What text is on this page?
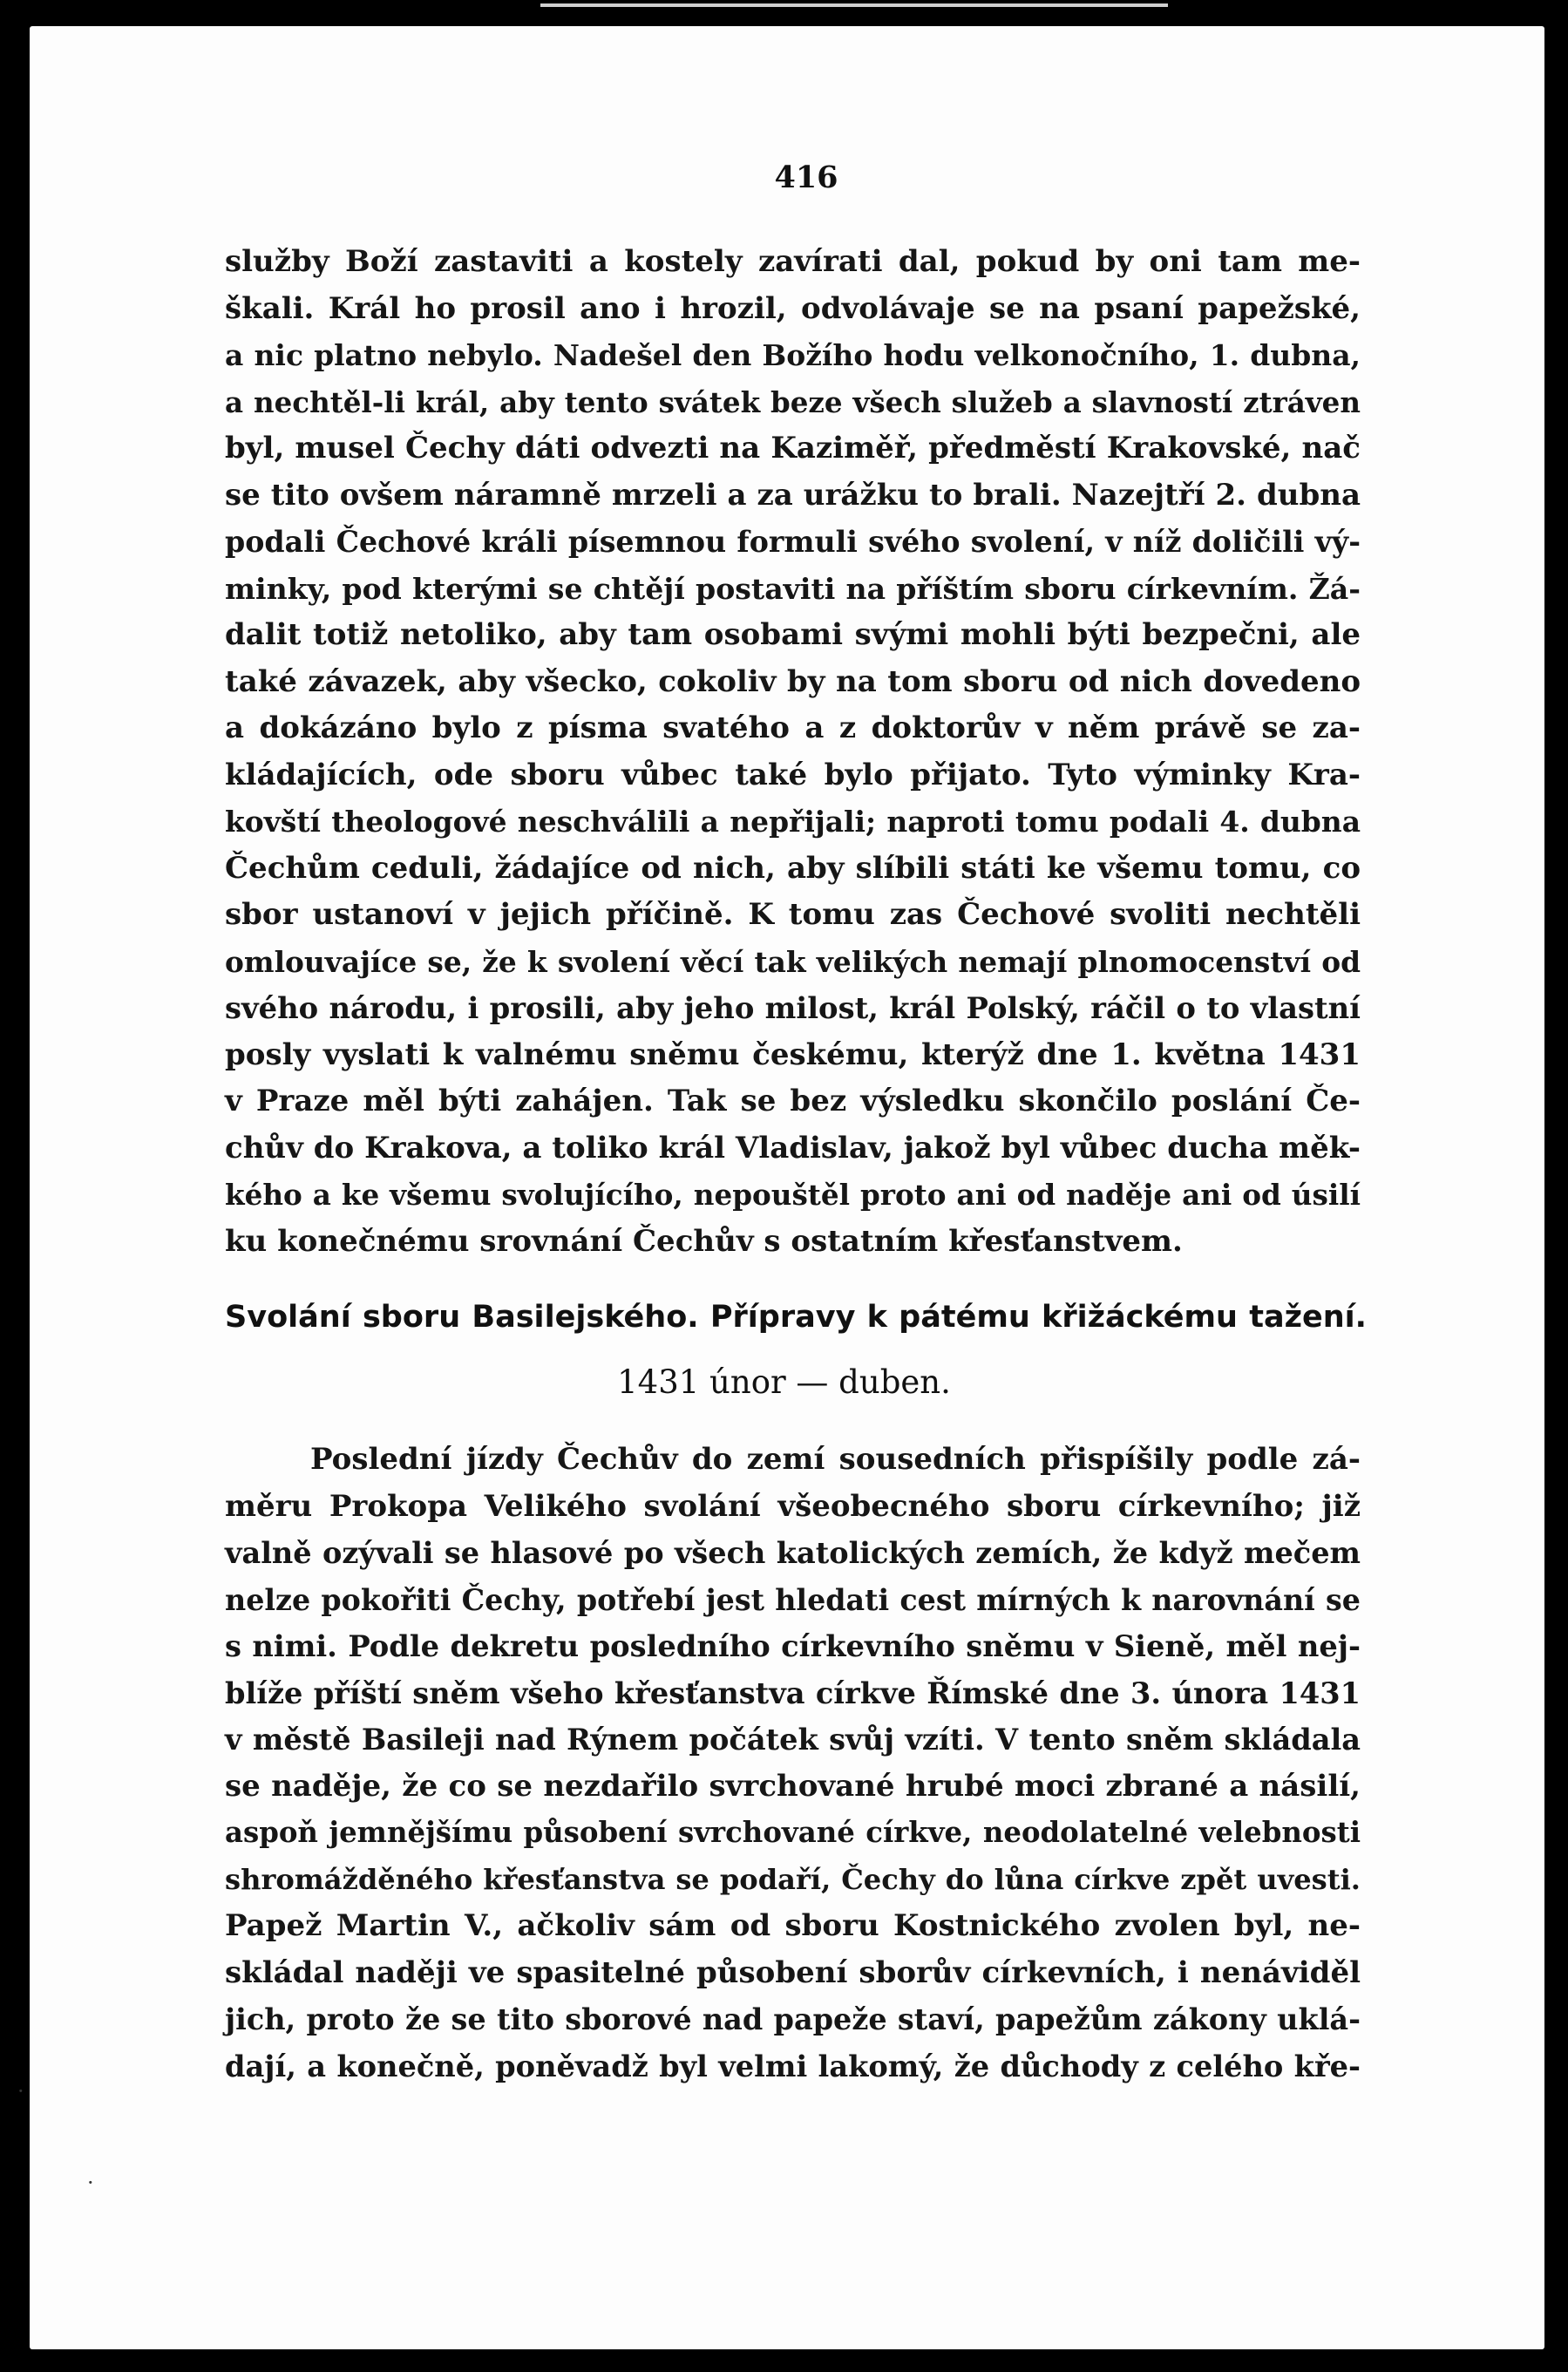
416
služby Boží zastaviti a kostely zavírati dal, pokud by oni tam me-
škali. Král ho prosil ano i hrozil, odvolávaje se na psaní papežské,
a nic platno nebylo. Nadešel den Božího hodu velkonočního, 1. dubna,
a nechtěl-li král, aby tento svátek beze všech služeb a slavností ztráven
byl, musel Čechy dáti odvezti na Kaziměř, předměstí Krakovské, nač
se tito ovšem náramně mrzeli a za urážku to brali. Nazejtří 2. dubna
podali Čechové králi písemnou formuli svého svolení, v níž doličili vý-
minky, pod kterými se chtějí postaviti na příštím sboru církevním. Žá-
dalit totiž netoliko, aby tam osobami svými mohli býti bezpečni, ale
také závazek, aby všecko, cokoliv by na tom sboru od nich dovedeno
a dokázáno bylo z písma svatého a z doktorův v něm právě se za-
kládajících, ode sboru vůbec také bylo přijato. Tyto výminky Kra-
kovští theologové neschválili a nepřijali; naproti tomu podali 4. dubna
Čechům ceduli, žádajíce od nich, aby slíbili státi ke všemu tomu, co
sbor ustanoví v jejich příčině. K tomu zas Čechové svoliti nechtěli
omlouvajíce se, že k svolení věcí tak velikých nemají plnomocenství od
svého národu, i prosili, aby jeho milost, král Polský, ráčil o to vlastní
posly vyslati k valnému sněmu českému, kterýž dne 1. května 1431
v Praze měl býti zahájen. Tak se bez výsledku skončilo poslání Če-
chův do Krakova, a toliko král Vladislav, jakož byl vůbec ducha měk-
kého a ke všemu svolujícího, nepouštěl proto ani od naděje ani od úsilí
ku konečnému srovnání Čechův s ostatním křesťanstvem.
Svolání sboru Basilejského. Přípravy k pátému křižáckému tažení.
1431 únor — duben.
Poslední jízdy Čechův do zemí sousedních přispíšily podle zá-
měru Prokopa Velikého svolání všeobecného sboru církevního; již
valně ozývali se hlasové po všech katolických zemích, že když mečem
nelze pokořiti Čechy, potřebí jest hledati cest mírných k narovnání se
s nimi. Podle dekretu posledního církevního sněmu v Sieně, měl nej-
blíže příští sněm všeho křesťanstva církve Římské dne 3. února 1431
v městě Basileji nad Rýnem počátek svůj vzíti. V tento sněm skládala
se naděje, že co se nezdařilo svrchované hrubé moci zbrané a násilí,
aspoň jemnějšímu působení svrchované církve, neodolatelné velebnosti
shromážděného křesťanstva se podaří, Čechy do lůna církve zpět uvesti.
Papež Martin V., ačkoliv sám od sboru Kostnického zvolen byl, ne-
skládal naději ve spasitelné působení sborův církevních, i nenáviděl
jich, proto že se tito sborové nad papeže staví, papežům zákony uklá-
dají, a konečně, poněvadž byl velmi lakomý, že důchody z celého kře-
·
·
